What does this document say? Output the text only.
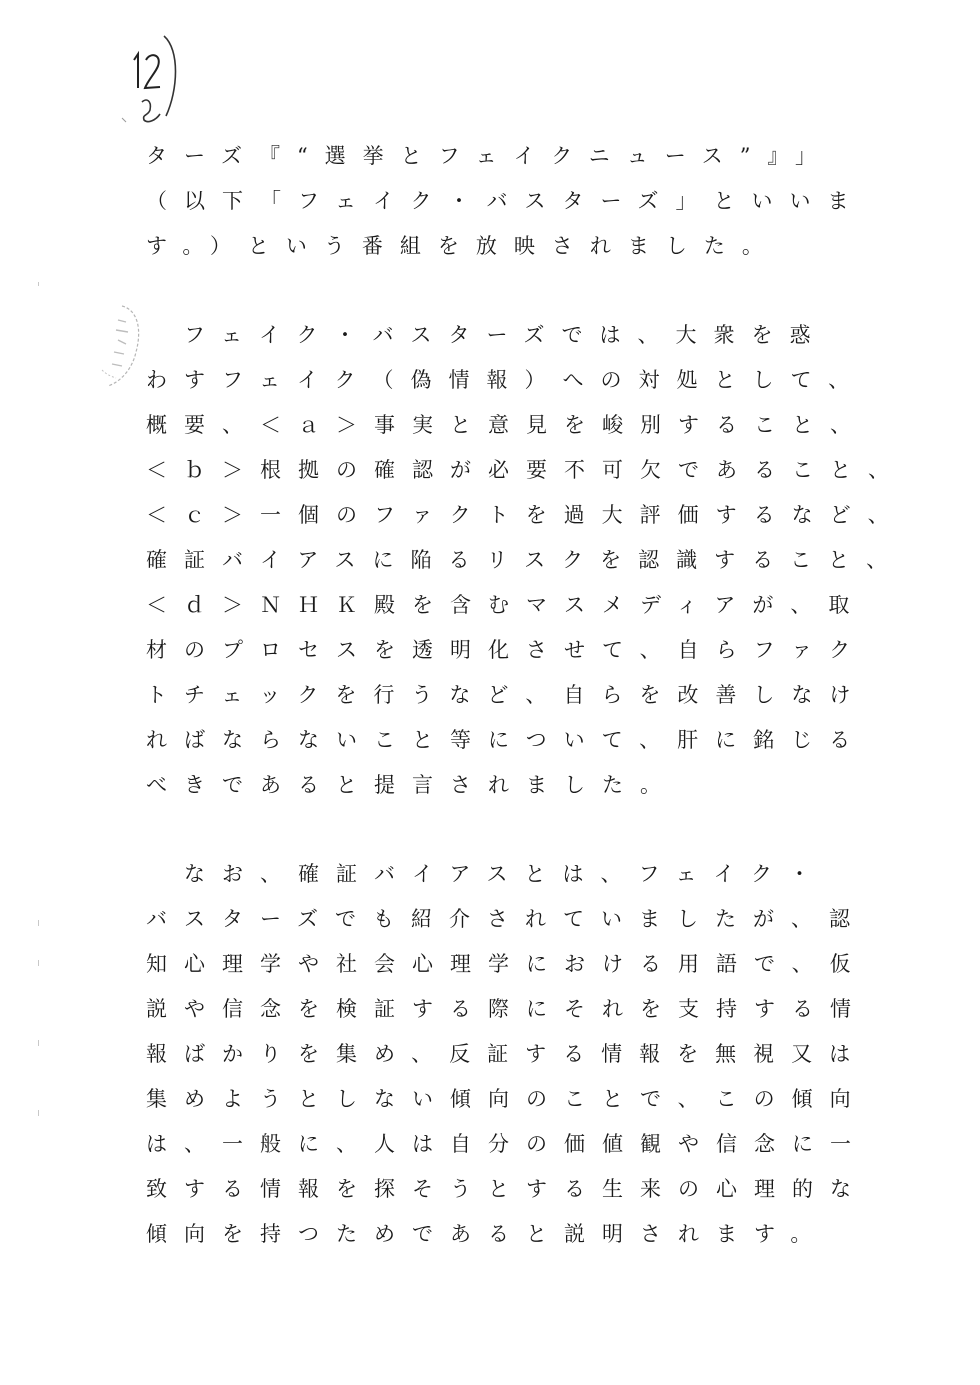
ターズ『“選挙とフェイクニュース”』」
（以下「フェイク・バスターズ」といいま
す。）という番組を放映されました。
フェイク・バスターズでは、大衆を惑
わすフェイク（偽情報）への対処として、
概要、＜ａ＞事実と意見を峻別すること、
＜ｂ＞根拠の確認が必要不可欠であること、
＜ｃ＞一個のファクトを過大評価するなど、
確証バイアスに陥るリスクを認識すること、
＜ｄ＞ＮＨＫ殿を含むマスメディアが、取
材のプロセスを透明化させて、自らファク
トチェックを行うなど、自らを改善しなけ
ればならないこと等について、肝に銘じる
べきであると提言されました。
なお、確証バイアスとは、フェイク・
バスターズでも紹介されていましたが、認
知心理学や社会心理学における用語で、仮
説や信念を検証する際にそれを支持する情
報ばかりを集め、反証する情報を無視又は
集めようとしない傾向のことで、この傾向
は、一般に、人は自分の価値観や信念に一
致する情報を探そうとする生来の心理的な
傾向を持つためであると説明されます。
